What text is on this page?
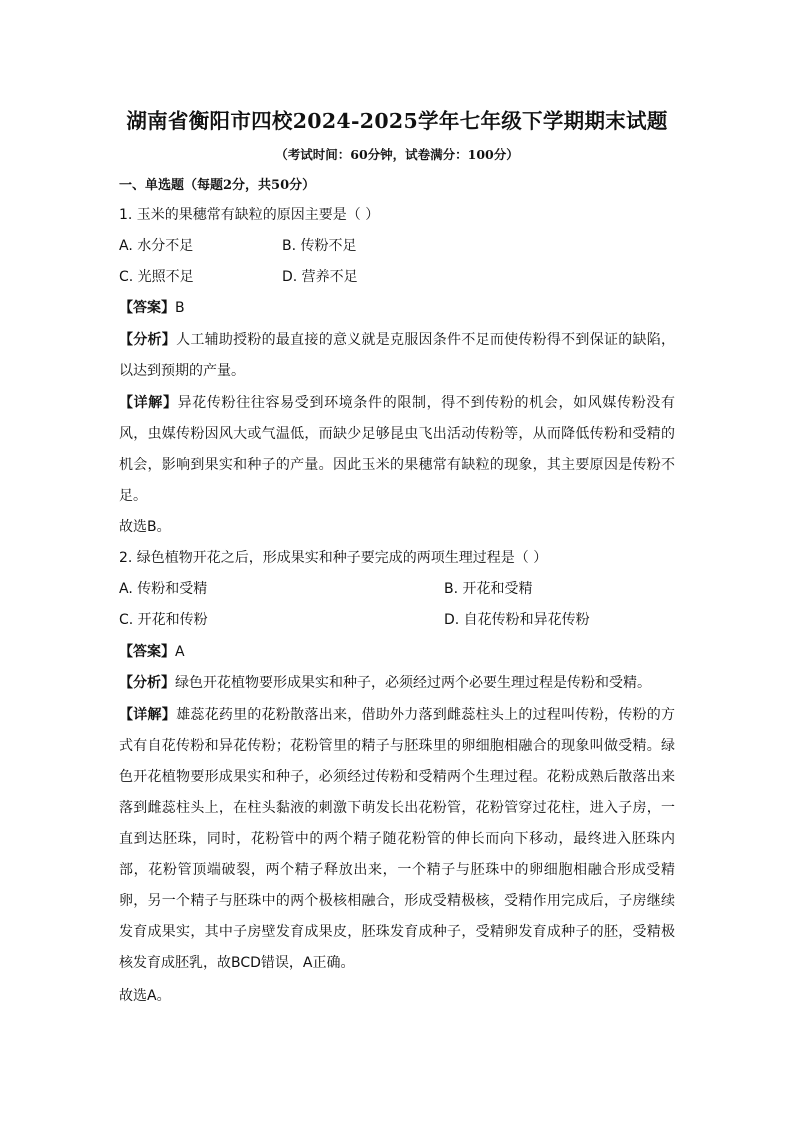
湖南省衡阳市四校2024-2025学年七年级下学期期末试题
（考试时间：60分钟，试卷满分：100分）
一、单选题（每题2分，共50分）
1. 玉米的果穗常有缺粒的原因主要是（ ）
A. 水分不足	B. 传粉不足
C. 光照不足	D. 营养不足
【答案】B
【分析】人工辅助授粉的最直接的意义就是克服因条件不足而使传粉得不到保证的缺陷，
以达到预期的产量。
【详解】异花传粉往往容易受到环境条件的限制，得不到传粉的机会，如风媒传粉没有
风，虫媒传粉因风大或气温低，而缺少足够昆虫飞出活动传粉等，从而降低传粉和受精的
机会，影响到果实和种子的产量。因此玉米的果穗常有缺粒的现象，其主要原因是传粉不
足。
故选B。
2. 绿色植物开花之后，形成果实和种子要完成的两项生理过程是（ ）
A. 传粉和受精	B. 开花和受精
C. 开花和传粉	D. 自花传粉和异花传粉
【答案】A
【分析】绿色开花植物要形成果实和种子，必须经过两个必要生理过程是传粉和受精。
【详解】雄蕊花药里的花粉散落出来，借助外力落到雌蕊柱头上的过程叫传粉，传粉的方
式有自花传粉和异花传粉；花粉管里的精子与胚珠里的卵细胞相融合的现象叫做受精。绿
色开花植物要形成果实和种子，必须经过传粉和受精两个生理过程。花粉成熟后散落出来
落到雌蕊柱头上，在柱头黏液的刺激下萌发长出花粉管，花粉管穿过花柱，进入子房，一
直到达胚珠，同时，花粉管中的两个精子随花粉管的伸长而向下移动，最终进入胚珠内
部，花粉管顶端破裂，两个精子释放出来，一个精子与胚珠中的卵细胞相融合形成受精
卵，另一个精子与胚珠中的两个极核相融合，形成受精极核，受精作用完成后，子房继续
发育成果实，其中子房壁发育成果皮，胚珠发育成种子，受精卵发育成种子的胚，受精极
核发育成胚乳，故BCD错误，A正确。
故选A。
